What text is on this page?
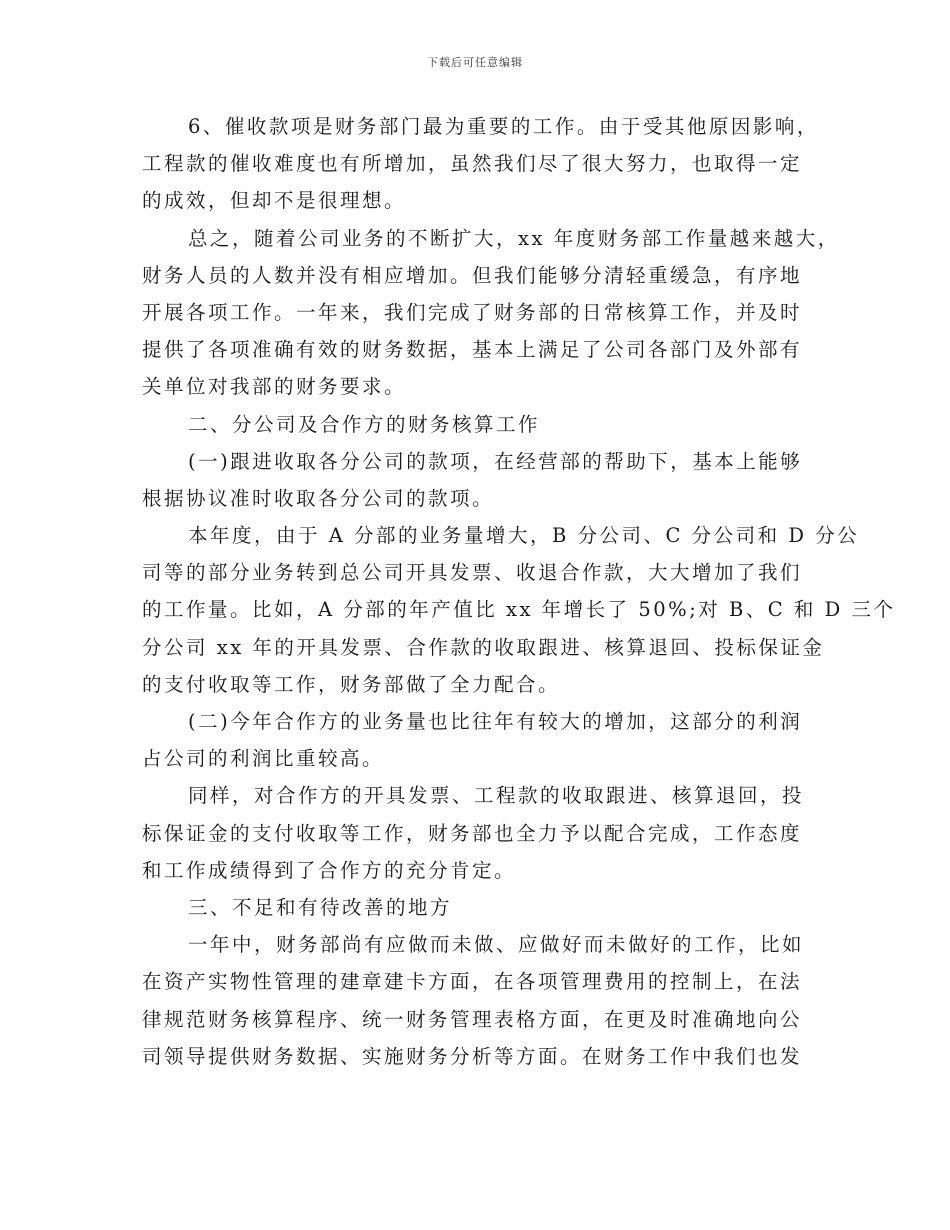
下载后可任意编辑
6、催收款项是财务部门最为重要的工作。由于受其他原因影响，
工程款的催收难度也有所增加，虽然我们尽了很大努力，也取得一定
的成效，但却不是很理想。
总之，随着公司业务的不断扩大，xx 年度财务部工作量越来越大，
财务人员的人数并没有相应增加。但我们能够分清轻重缓急，有序地
开展各项工作。一年来，我们完成了财务部的日常核算工作，并及时
提供了各项准确有效的财务数据，基本上满足了公司各部门及外部有
关单位对我部的财务要求。
二、分公司及合作方的财务核算工作
(一)跟进收取各分公司的款项，在经营部的帮助下，基本上能够
根据协议准时收取各分公司的款项。
本年度，由于 A 分部的业务量增大，B 分公司、C 分公司和 D 分公
司等的部分业务转到总公司开具发票、收退合作款，大大增加了我们
的工作量。比如，A 分部的年产值比 xx 年增长了 50%;对 B、C 和 D 三个
分公司 xx 年的开具发票、合作款的收取跟进、核算退回、投标保证金
的支付收取等工作，财务部做了全力配合。
(二)今年合作方的业务量也比往年有较大的增加，这部分的利润
占公司的利润比重较高。
同样，对合作方的开具发票、工程款的收取跟进、核算退回，投
标保证金的支付收取等工作，财务部也全力予以配合完成，工作态度
和工作成绩得到了合作方的充分肯定。
三、不足和有待改善的地方
一年中，财务部尚有应做而未做、应做好而未做好的工作，比如
在资产实物性管理的建章建卡方面，在各项管理费用的控制上，在法
律规范财务核算程序、统一财务管理表格方面，在更及时准确地向公
司领导提供财务数据、实施财务分析等方面。在财务工作中我们也发
